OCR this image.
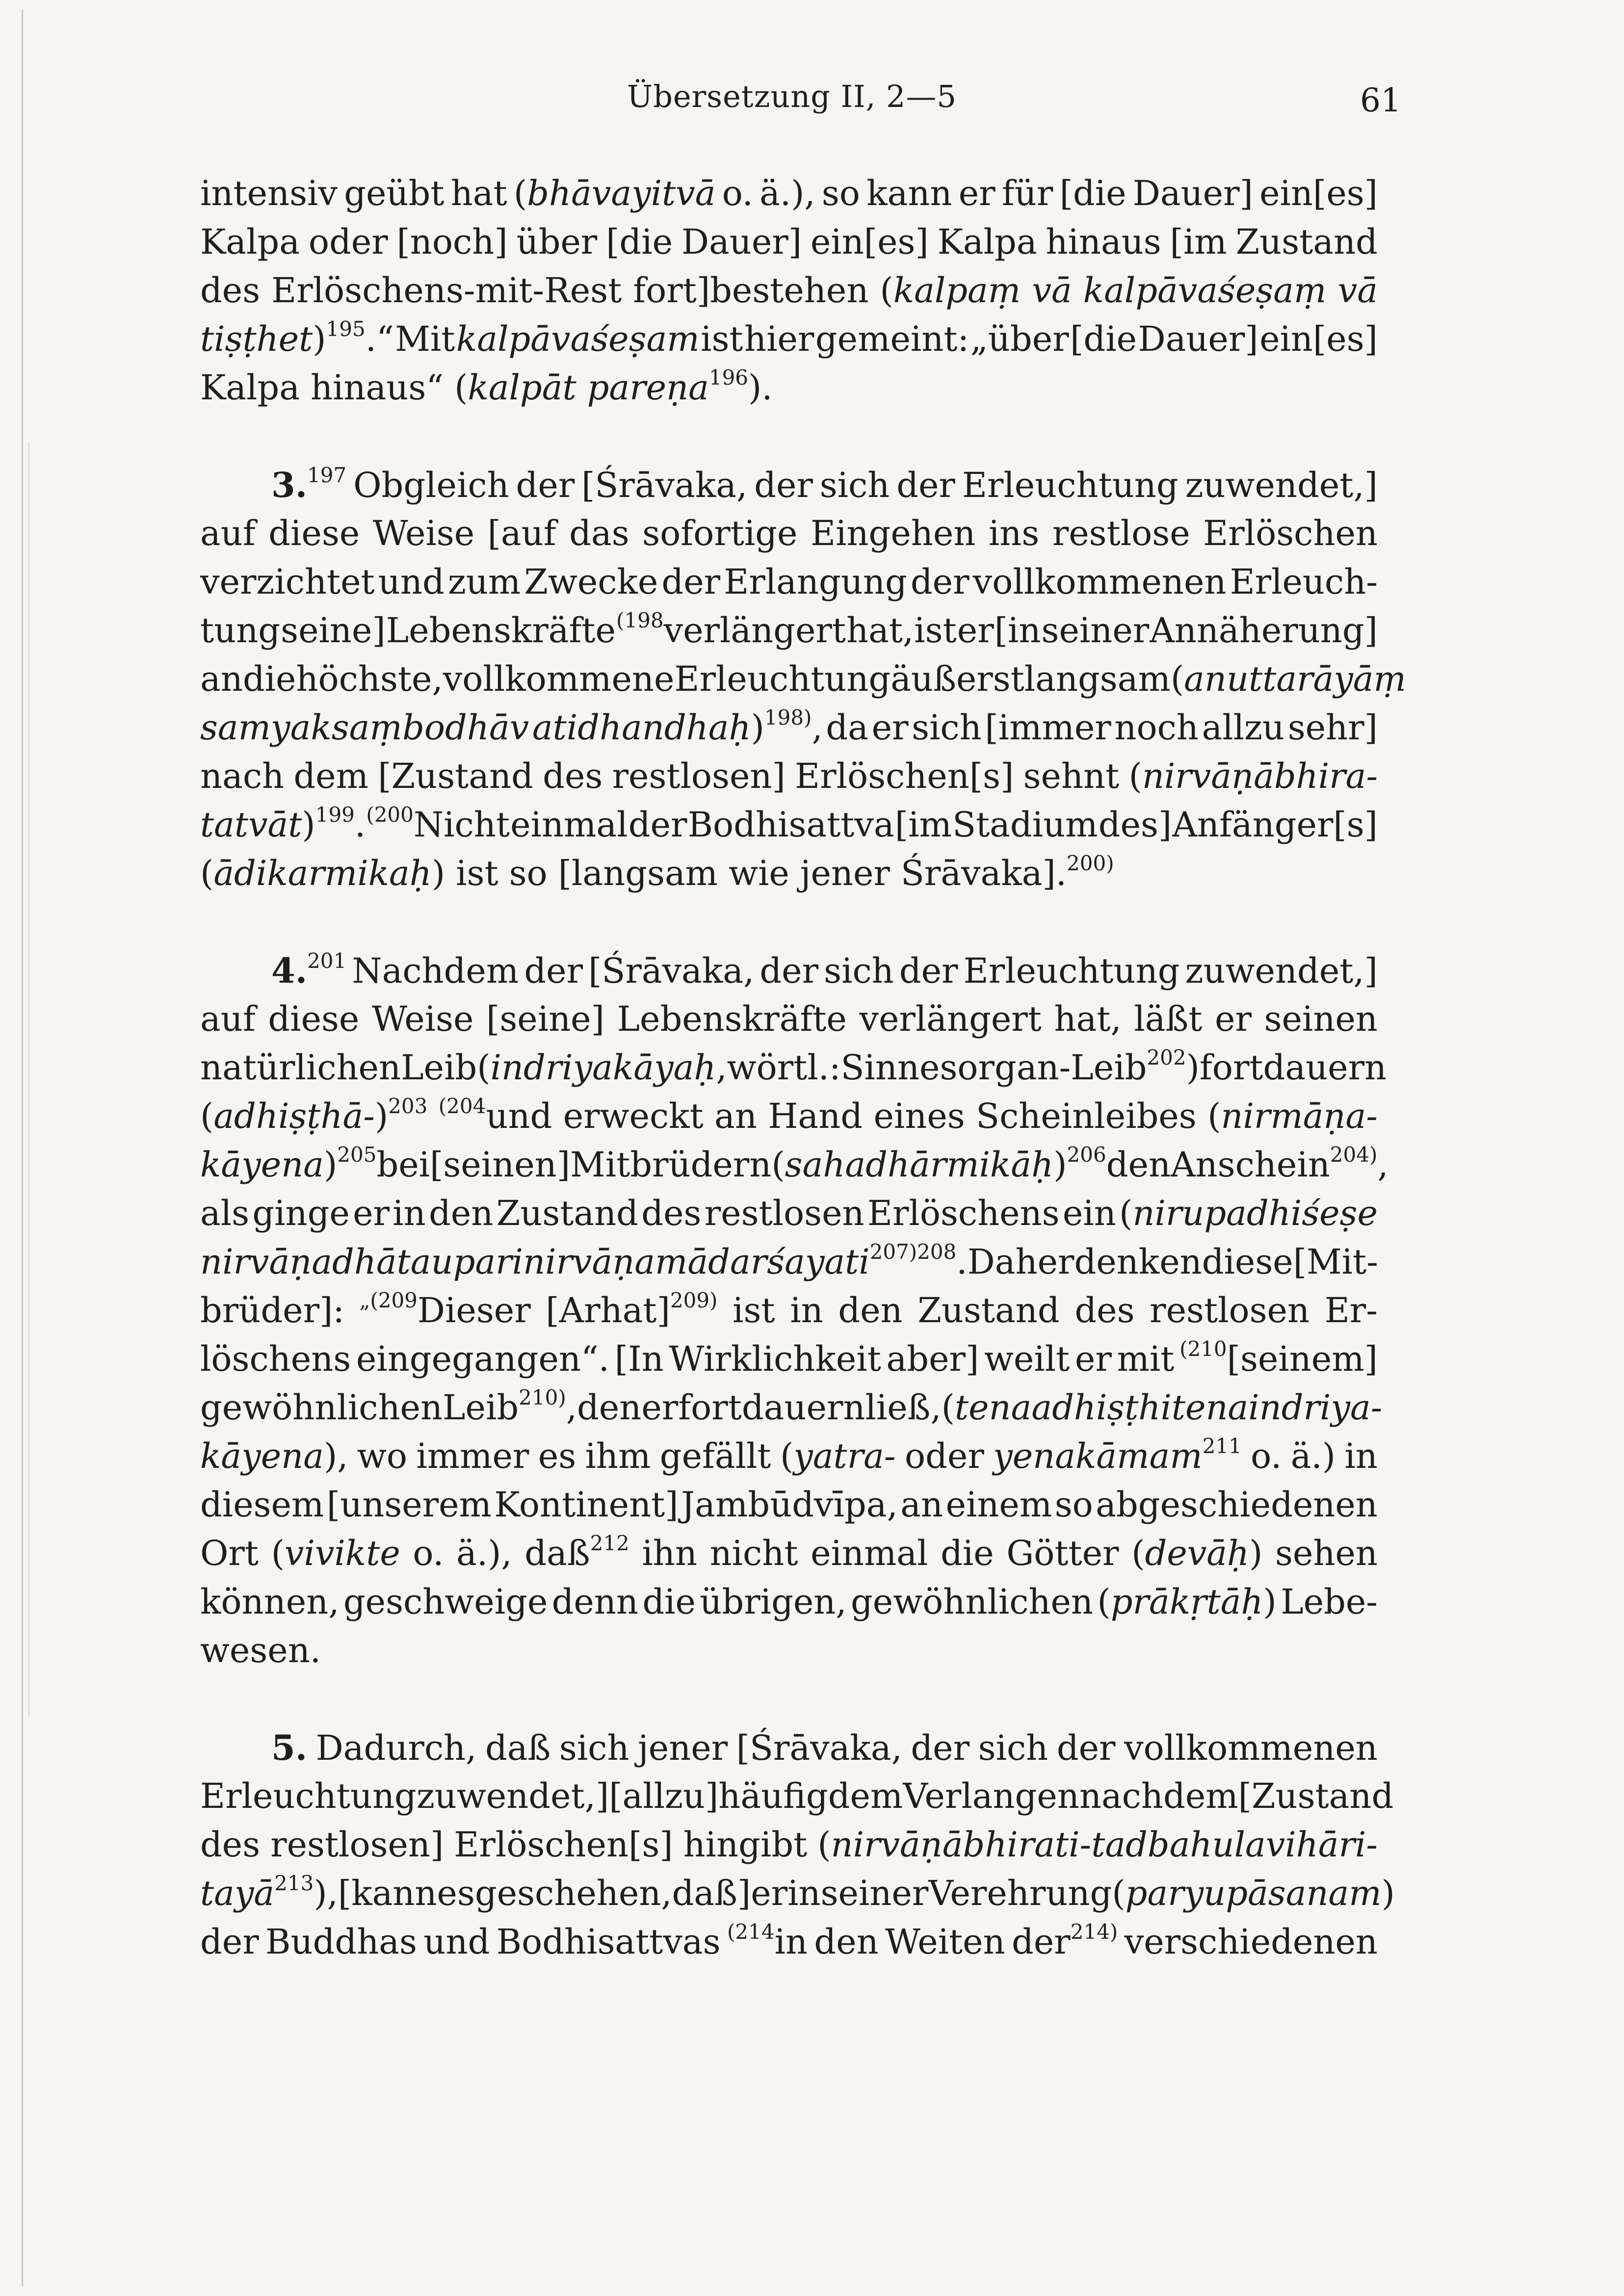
Übersetzung II, 2—5	61
intensiv geübt hat (bhāvayitvā o. ä.), so kann er für [die Dauer] ein[es]
Kalpa oder [noch] über [die Dauer] ein[es] Kalpa hinaus [im Zustand
des Erlöschens-mit-Rest fort]bestehen (kalpaṃ vā kalpāvaśeṣaṃ vā
tiṣṭhet)$^{195}$.“ Mit kalpāvaśeṣam ist hier gemeint: „über [die Dauer] ein[es]
Kalpa hinaus“ (kalpāt pareṇa$^{196}$).
3.$^{197}$ Obgleich der [Śrāvaka, der sich der Erleuchtung zuwendet,]
auf diese Weise [auf das sofortige Eingehen ins restlose Erlöschen
verzichtet und zum Zwecke der Erlangung der vollkommenen Erleuch-
tung seine] Lebenskräfte $^{(198}$verlängert hat, ist er [in seiner Annäherung]
an die höchste, vollkommene Erleuchtung äußerst langsam (anuttarāyāṃ
samyaksaṃbodhāv atidhandhaḥ)$^{198)}$, da er sich [immer noch allzu sehr]
nach dem [Zustand des restlosen] Erlöschen[s] sehnt (nirvāṇābhira-
tatvāt)$^{199}$. $^{(200}$Nicht einmal der Bodhisattva [im Stadium des] Anfänger[s]
(ādikarmikaḥ) ist so [langsam wie jener Śrāvaka].$^{200)}$
4.$^{201}$ Nachdem der [Śrāvaka, der sich der Erleuchtung zuwendet,]
auf diese Weise [seine] Lebenskräfte verlängert hat, läßt er seinen
natürlichen Leib (indriyakāyaḥ, wörtl.: Sinnesorgan-Leib$^{202}$) fortdauern
(adhiṣṭhā-)$^{203}$ $^{(204}$und erweckt an Hand eines Scheinleibes (nirmāṇa-
kāyena)$^{205}$ bei [seinen] Mitbrüdern (sahadhārmikāḥ)$^{206}$ den Anschein$^{204)}$,
als ginge er in den Zustand des restlosen Erlöschens ein (nirupadhiśeṣe
nirvāṇadhātau parinirvāṇam ādarśayati$^{207)208}$. Daher denken diese [Mit-
brüder]: $^{„(209}$Dieser [Arhat]$^{209)}$ ist in den Zustand des restlosen Er-
löschens eingegangen“. [In Wirklichkeit aber] weilt er mit $^{(210}$[seinem]
gewöhnlichen Leib$^{210)}$, den er fortdauern ließ, (tena adhiṣṭhitena indriya-
kāyena), wo immer es ihm gefällt (yatra- oder yenakāmam$^{211}$ o. ä.) in
diesem [unserem Kontinent] Jambūdvīpa, an einem so abgeschiedenen
Ort (vivikte o. ä.), daß$^{212}$ ihn nicht einmal die Götter (devāḥ) sehen
können, geschweige denn die übrigen, gewöhnlichen (prākṛtāḥ) Lebe-
wesen.
5. Dadurch, daß sich jener [Śrāvaka, der sich der vollkommenen
Erleuchtung zuwendet,] [allzu] häufig dem Verlangen nach dem [Zustand
des restlosen] Erlöschen[s] hingibt (nirvāṇābhirati-tadbahulavihāri-
tayā$^{213}$), [kann es geschehen, daß] er in seiner Verehrung (paryupāsanam)
der Buddhas und Bodhisattvas $^{(214}$in den Weiten der$^{214)}$ verschiedenen
